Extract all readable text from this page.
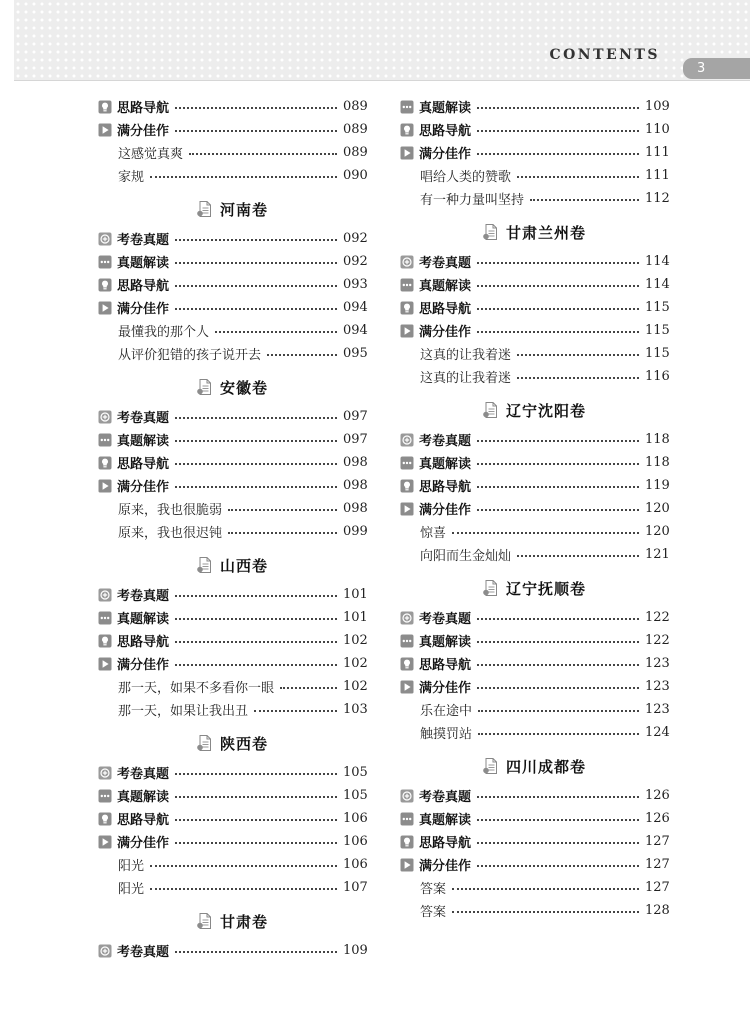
CONTENTS
3
思路导航	089
满分佳作	089
这感觉真爽	089
家规	090
河南卷
考卷真题	092
真题解读	092
思路导航	093
满分佳作	094
最懂我的那个人	094
从评价犯错的孩子说开去	095
安徽卷
考卷真题	097
真题解读	097
思路导航	098
满分佳作	098
原来，我也很脆弱	098
原来，我也很迟钝	099
山西卷
考卷真题	101
真题解读	101
思路导航	102
满分佳作	102
那一天，如果不多看你一眼	102
那一天，如果让我出丑	103
陕西卷
考卷真题	105
真题解读	105
思路导航	106
满分佳作	106
阳光	106
阳光	107
甘肃卷
考卷真题	109
真题解读	109
思路导航	110
满分佳作	111
唱给人类的赞歌	111
有一种力量叫坚持	112
甘肃兰州卷
考卷真题	114
真题解读	114
思路导航	115
满分佳作	115
这真的让我着迷	115
这真的让我着迷	116
辽宁沈阳卷
考卷真题	118
真题解读	118
思路导航	119
满分佳作	120
惊喜	120
向阳而生金灿灿	121
辽宁抚顺卷
考卷真题	122
真题解读	122
思路导航	123
满分佳作	123
乐在途中	123
触摸罚站	124
四川成都卷
考卷真题	126
真题解读	126
思路导航	127
满分佳作	127
答案	127
答案	128
